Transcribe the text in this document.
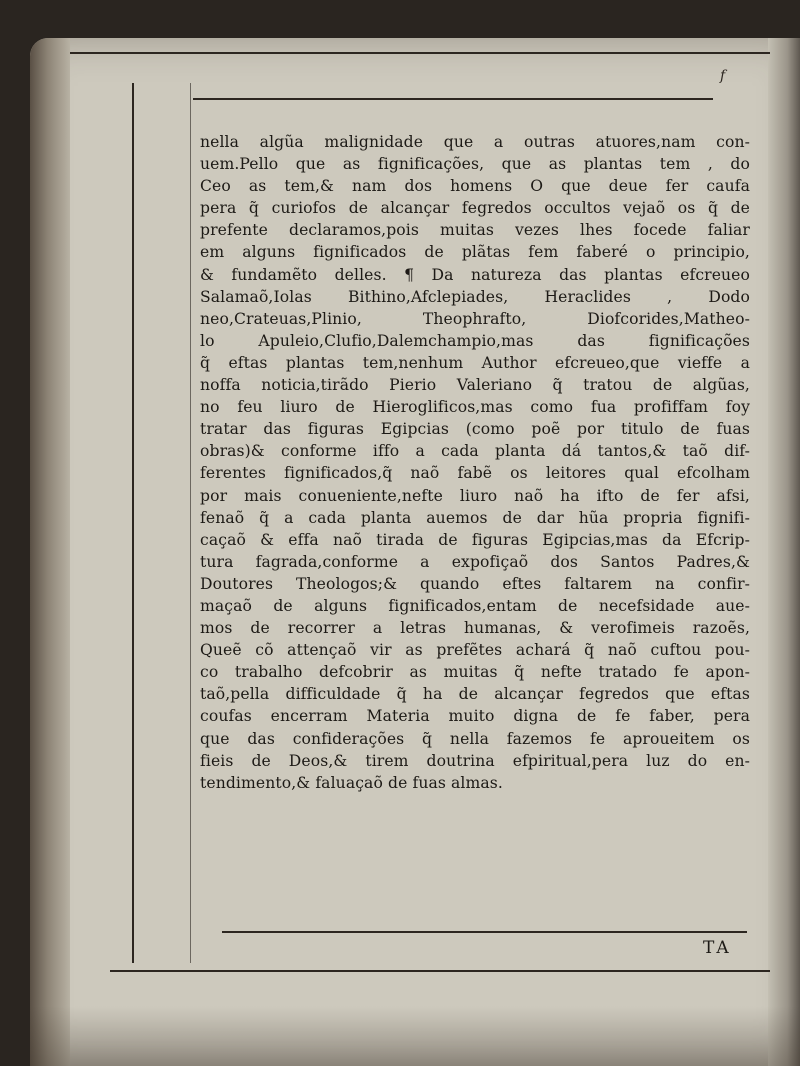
f
nella algũa malignidade que a outras atuores,nam con-
uem.Pello que as fignificações, que as plantas tem , do
Ceo as tem,& nam dos homens O que deue fer caufa
pera q̃ curiofos de alcançar fegredos occultos vejaõ os q̃ de
prefente declaramos,pois muitas vezes lhes focede faliar
em alguns fignificados de plãtas fem faberé o principio,
& fundamẽto delles. ¶ Da natureza das plantas efcreueo
Salamaõ,Iolas Bithino,Afclepiades, Heraclides , Dodo
neo,Crateuas,Plinio, Theophrafto, Diofcorides,Matheo-
lo Apuleio,Clufio,Dalemchampio,mas das fignificações
q̃ eftas plantas tem,nenhum Author efcreueo,que vieffe a
noffa noticia,tirãdo Pierio Valeriano q̃ tratou de algũas,
no feu liuro de Hieroglificos,mas como fua profiffam foy
tratar das figuras Egipcias (como poẽ por titulo de fuas
obras)& conforme iffo a cada planta dá tantos,& taõ dif-
ferentes fignificados,q̃ naõ fabẽ os leitores qual efcolham
por mais conueniente,nefte liuro naõ ha ifto de fer afsi,
fenaõ q̃ a cada planta auemos de dar hũa propria fignifi-
caçaõ & effa naõ tirada de figuras Egipcias,mas da Efcrip-
tura fagrada,conforme a expofiçaõ dos Santos Padres,&
Doutores Theologos;& quando eftes faltarem na confir-
maçaõ de alguns fignificados,entam de necefsidade aue-
mos de recorrer a letras humanas, & verofimeis razoẽs,
Queẽ cõ attençaõ vir as prefẽtes achará q̃ naõ cuftou pou-
co trabalho defcobrir as muitas q̃ nefte tratado fe apon-
taõ,pella difficuldade q̃ ha de alcançar fegredos que eftas
coufas encerram Materia muito digna de fe faber, pera
que das confiderações q̃ nella fazemos fe aproueitem os
fieis de Deos,& tirem doutrina efpiritual,pera luz do en-
tendimento,& faluaçaõ de fuas almas.
TA
